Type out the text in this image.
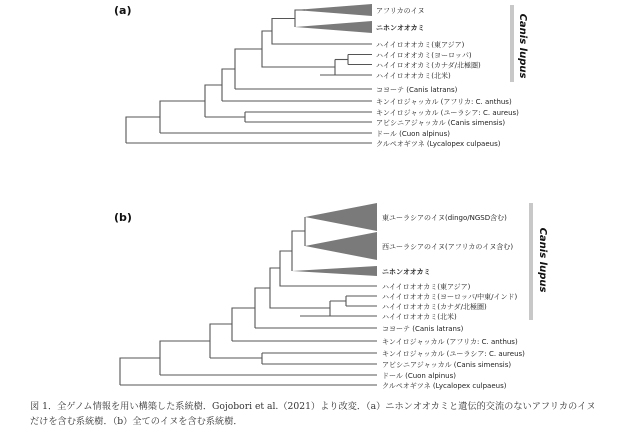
(a)	アフリカのイヌ
ニホンオオカミ
ハイイロオオカミ(東アジア)
ハイイロオオカミ(ヨーロッパ)
ハイイロオオカミ(カナダ/北極圏)
ハイイロオオカミ(北米)
コヨーテ (Canis latrans)
キンイロジャッカル (アフリカ: C. anthus)
キンイロジャッカル (ユーラシア: C. aureus)
アビシニアジャッカル (Canis simensis)
ドール (Cuon alpinus)
クルペオギツネ (Lycalopex culpaeus)
Canis lupus
(b)	東ユーラシアのイヌ(dingo/NGSD含む)
西ユーラシアのイヌ(アフリカのイヌ含む)
ニホンオオカミ
ハイイロオオカミ(東アジア)
ハイイロオオカミ(ヨーロッパ/中東/インド)
ハイイロオオカミ(カナダ/北極圏)
ハイイロオオカミ(北米)
コヨーテ (Canis latrans)
キンイロジャッカル (アフリカ: C. anthus)
キンイロジャッカル (ユーラシア: C. aureus)
アビシニアジャッカル (Canis simensis)
ドール (Cuon alpinus)
クルペオギツネ (Lycalopex culpaeus)
Canis lupus
図 1．全ゲノム情報を用い構築した系統樹．Gojobori et al.（2021）より改変．（a）ニホンオオカミと遺伝的交流のないアフリカのイヌ
だけを含む系統樹．（b）全てのイヌを含む系統樹．
